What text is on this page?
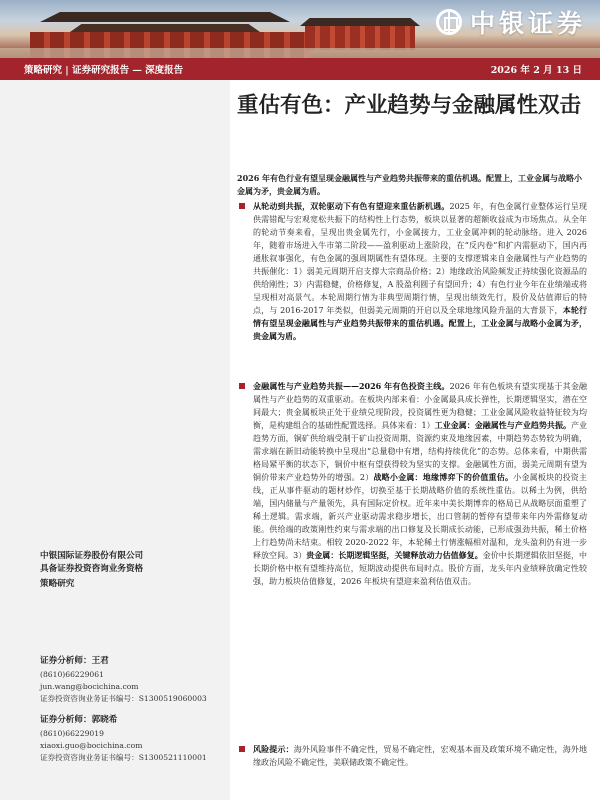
中银证券
策略研究 | 证券研究报告 — 深度报告	2026 年 2 月 13 日
中银国际证券股份有限公司
具备证券投资咨询业务资格
策略研究
证券分析师：王君
(8610)66229061
jun.wang@bocichina.com
证券投资咨询业务证书编号：S1300519060003
证券分析师：郭晓希
(8610)66229019
xiaoxi.guo@bocichina.com
证券投资咨询业务证书编号：S1300521110001
重估有色：产业趋势与金融属性双击

2026 年有色行业有望呈现金融属性与产业趋势共振带来的重估机遇。配置上，工业金属与战略小金属为矛，贵金属为盾。

从轮动到共振，双轮驱动下有色有望迎来重估新机遇。2025 年，有色金属行业整体运行呈现供需错配与宏观宽松共振下的结构性上行态势，板块以显著的超额收益成为市场焦点。从全年的轮动节奏来看，呈现出贵金属先行，小金属接力，工业金属冲刺的轮动脉络。进入 2026 年，随着市场进入牛市第二阶段——盈利驱动上涨阶段，在“反内卷”和扩内需驱动下，国内再通胀叙事强化，有色金属的强周期属性有望体现。主要的支撑逻辑来自金融属性与产业趋势的共振催化：1）弱美元周期开启支撑大宗商品价格；2）地缘政治风险频发正持续强化资源品的供给刚性；3）内需稳健，价格修复，A 股盈利圆子有望回升；4）有色行业今年在业绩端或将呈现相对高景气。本轮周期行情为非典型周期行情，呈现出绩效先行，股价及估值滞后的特点，与 2016-2017 年类似，但弱美元周期的开启以及全球地缘风险升温的大背景下，本轮行情有望呈现金融属性与产业趋势共振带来的重估机遇。配置上，工业金属与战略小金属为矛，贵金属为盾。
金融属性与产业趋势共振——2026 年有色投资主线。2026 年有色板块有望实现基于其金融属性与产业趋势的双重驱动。在板块内部来看：小金属最具成长弹性，长期逻辑坚实，潜在空间最大；贵金属板块正处于业绩兑现阶段，投资属性更为稳健；工业金属风险收益特征较为均衡，是构建组合的基础性配置选择。具体来看：1）工业金属：金融属性与产业趋势共振。产业趋势方面，铜矿供给端受制于矿山投资周期、资源约束及地缘因素，中期趋势态势较为明确，需求端在新旧动能转换中呈现出“总量稳中有增，结构持续优化”的态势。总体来看，中期供需格局紧平衡的状态下，铜价中枢有望获得较为坚实的支撑。金融属性方面，弱美元周期有望为铜价带来产业趋势外的增强。2）战略小金属：地缘博弈下的价值重估。小金属板块的投资主线，正从事件驱动的题材炒作，切换至基于长期战略价值的系统性重估。以稀土为例，供给端，国内储量与产量领先，具有国际定价权。近年来中美长期博弈的格局已从战略层面重塑了稀土逻辑。需求端，新兴产业驱动需求稳步增长，出口管制的暂停有望带来年内外需修复动能。供给端的政策刚性约束与需求端的出口修复及长期成长动能，已形成强劲共振，稀土价格上行趋势尚未结束。相较 2020-2022 年，本轮稀土行情涨幅相对温和，龙头盈利仍有进一步释放空间。3）贵金属：长期逻辑坚挺，关键释放动力估值修复。金价中长期逻辑依旧坚挺，中长期价格中枢有望维持高位，短期波动提供布局时点。股价方面，龙头年内业绩释放确定性较强，助力板块估值修复，2026 年板块有望迎来盈利估值双击。
风险提示：海外风险事件不确定性，贸易不确定性，宏观基本面及政策环境不确定性，海外地缘政治风险不确定性，美联储政策不确定性。
